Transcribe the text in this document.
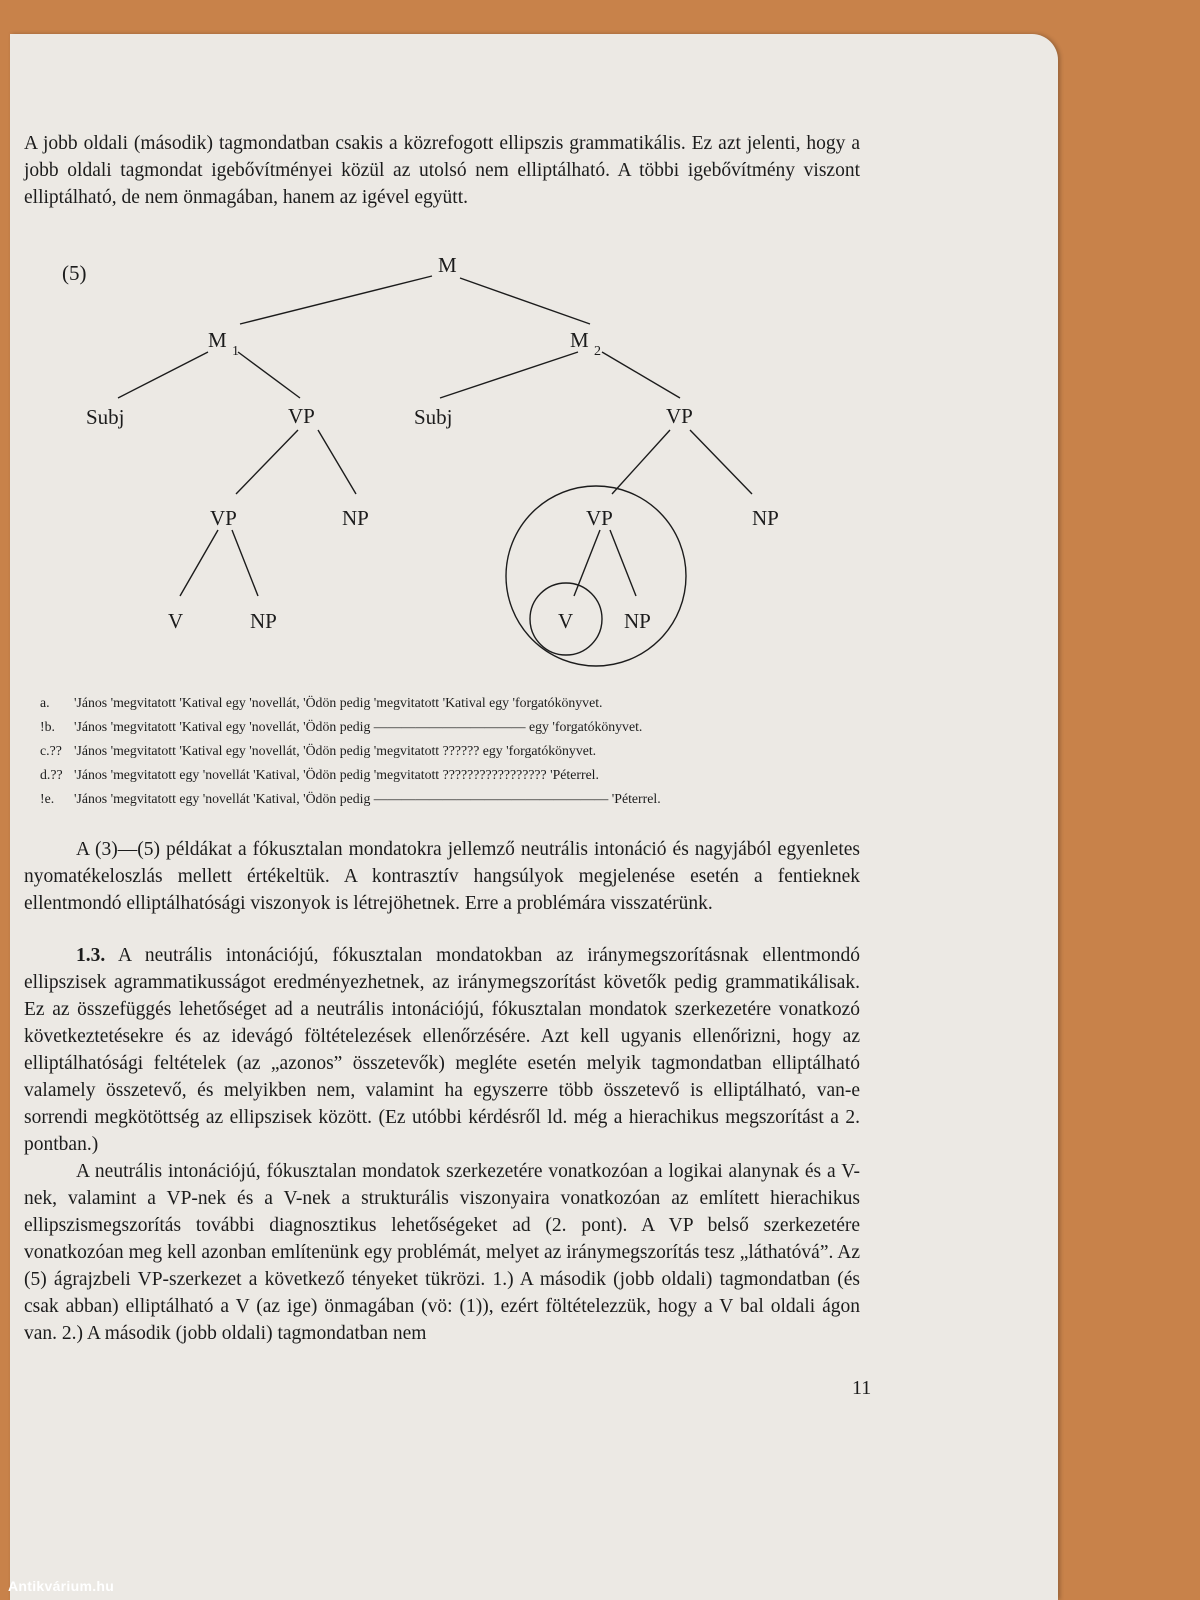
A jobb oldali (második) tagmondatban csakis a közrefogott ellipszis grammatikális. Ez azt jelenti, hogy a jobb oldali tagmondat igebővítményei közül az utolsó nem elliptálható. A többi igebővítmény viszont elliptálható, de nem önmagában, hanem az igével együtt.

(5)	M
M 1	M 2
Subj	VP	Subj	VP
VP	NP	VP	NP
V	NP	V NP
a. 'János 'megvitatott 'Katival egy 'novellát, 'Ödön pedig 'megvitatott 'Katival egy 'forgatókönyvet.
!b. 'János 'megvitatott 'Katival egy 'novellát, 'Ödön pedig ——————————— egy 'forgatókönyvet.
c.?? 'János 'megvitatott 'Katival egy 'novellát, 'Ödön pedig 'megvitatott ?????? egy 'forgatókönyvet.
d.?? 'János 'megvitatott egy 'novellát 'Katival, 'Ödön pedig 'megvitatott ????????????????? 'Péterrel.
!e. 'János 'megvitatott egy 'novellát 'Katival, 'Ödön pedig ————————————————— 'Péterrel.

A (3)—(5) példákat a fókusztalan mondatokra jellemző neutrális intonáció és nagyjából egyenletes nyomatékeloszlás mellett értékeltük. A kontrasztív hangsúlyok megjelenése esetén a fentieknek ellentmondó elliptálhatósági viszonyok is létrejöhetnek. Erre a problémára visszatérünk.

1.3. A neutrális intonációjú, fókusztalan mondatokban az iránymegszorításnak ellentmondó ellipszisek agrammatikusságot eredményezhetnek, az iránymegszorítást követők pedig grammatikálisak. Ez az összefüggés lehetőséget ad a neutrális intonációjú, fókusztalan mondatok szerkezetére vonatkozó következtetésekre és az idevágó föltételezések ellenőrzésére. Azt kell ugyanis ellenőrizni, hogy az elliptálhatósági feltételek (az „azonos” összetevők) megléte esetén melyik tagmondatban elliptálható valamely összetevő, és melyikben nem, valamint ha egyszerre több összetevő is elliptálható, van-e sorrendi megkötöttség az ellipszisek között. (Ez utóbbi kérdésről ld. még a hierachikus megszorítást a 2. pontban.)

A neutrális intonációjú, fókusztalan mondatok szerkezetére vonatkozóan a logikai alanynak és a V-nek, valamint a VP-nek és a V-nek a strukturális viszonyaira vonatkozóan az említett hierachikus ellipszismegszorítás további diagnosztikus lehetőségeket ad (2. pont). A VP belső szerkezetére vonatkozóan meg kell azonban említenünk egy problémát, melyet az iránymegszorítás tesz „láthatóvá”. Az (5) ágrajzbeli VP-szerkezet a következő tényeket tükrözi. 1.) A második (jobb oldali) tagmondatban (és csak abban) elliptálható a V (az ige) önmagában (vö: (1)), ezért föltételezzük, hogy a V bal oldali ágon van. 2.) A második (jobb oldali) tagmondatban nem

11
Antikvárium.hu
